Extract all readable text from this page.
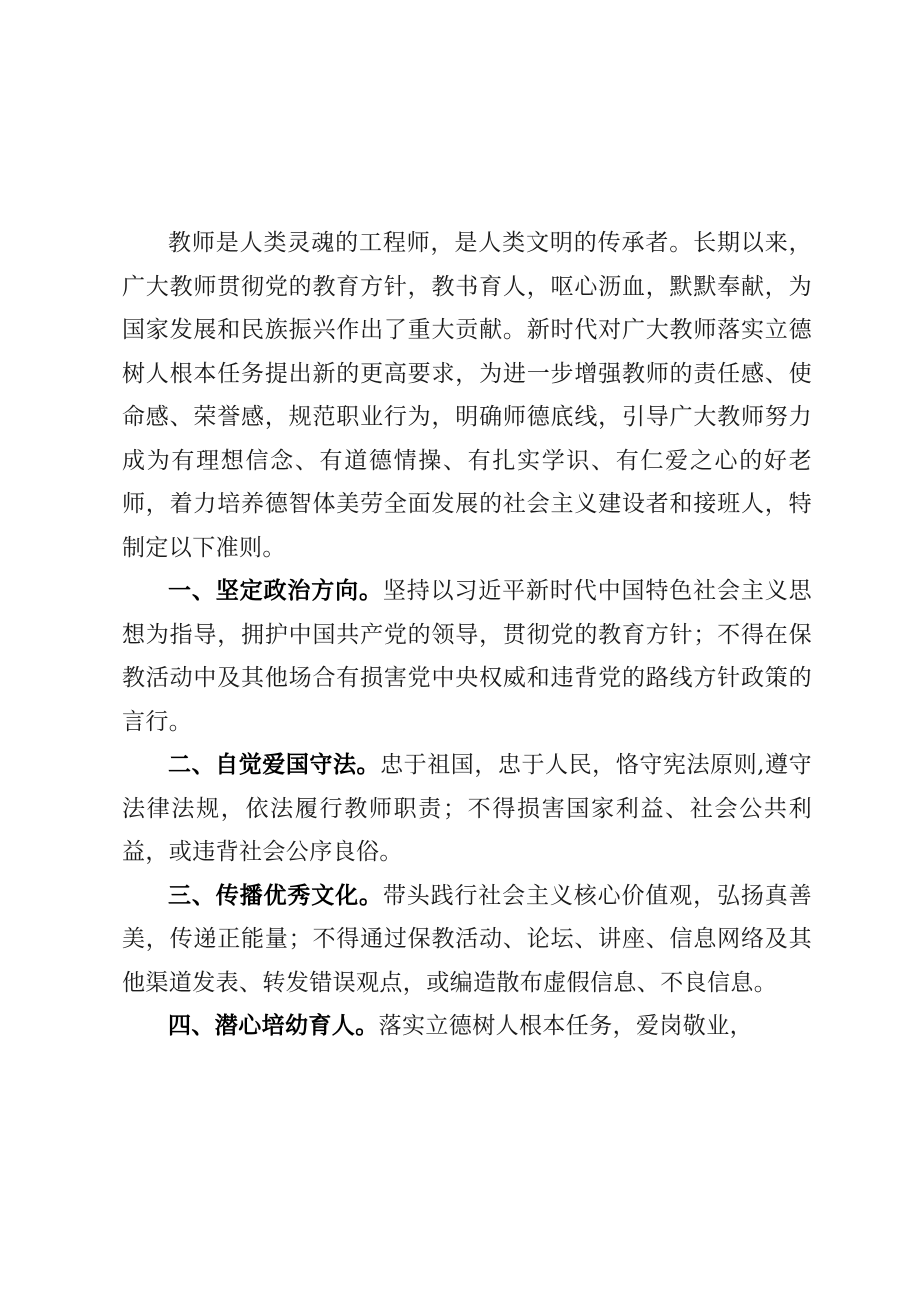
教师是人类灵魂的工程师，是人类文明的传承者。长期以来，广大教师贯彻党的教育方针，教书育人，呕心沥血，默默奉献，为国家发展和民族振兴作出了重大贡献。新时代对广大教师落实立德树人根本任务提出新的更高要求，为进一步增强教师的责任感、使命感、荣誉感，规范职业行为，明确师德底线，引导广大教师努力成为有理想信念、有道德情操、有扎实学识、有仁爱之心的好老师，着力培养德智体美劳全面发展的社会主义建设者和接班人，特制定以下准则。

一、坚定政治方向。坚持以习近平新时代中国特色社会主义思想为指导，拥护中国共产党的领导，贯彻党的教育方针；不得在保教活动中及其他场合有损害党中央权威和违背党的路线方针政策的言行。

二、自觉爱国守法。忠于祖国，忠于人民，恪守宪法原则,遵守法律法规，依法履行教师职责；不得损害国家利益、社会公共利益，或违背社会公序良俗。

三、传播优秀文化。带头践行社会主义核心价值观，弘扬真善美，传递正能量；不得通过保教活动、论坛、讲座、信息网络及其他渠道发表、转发错误观点，或编造散布虚假信息、不良信息。

四、潜心培幼育人。落实立德树人根本任务，爱岗敬业，
